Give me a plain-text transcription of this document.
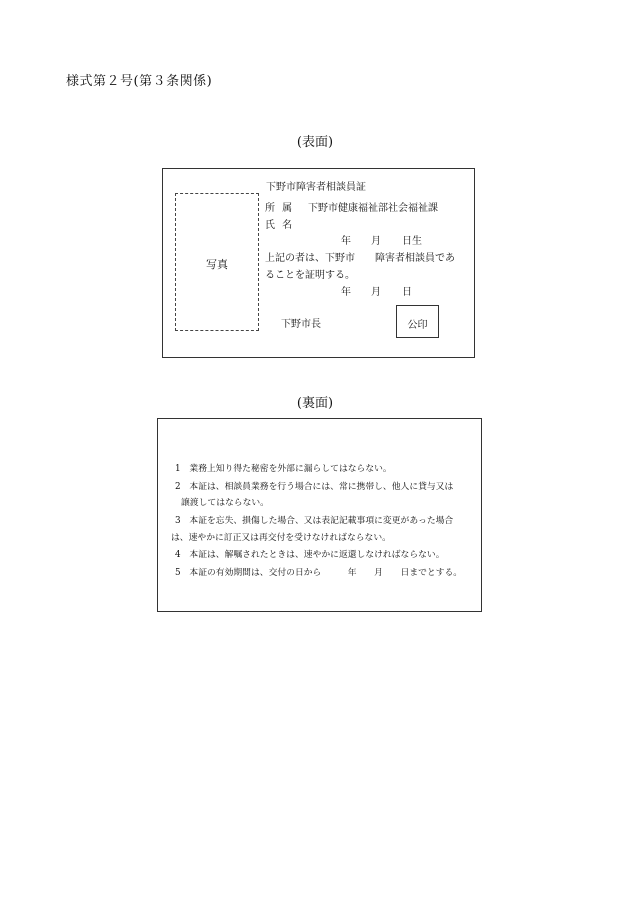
様式第２号(第３条関係)
(表面)
下野市障害者相談員証
写真
所 属 下野市健康福祉部社会福祉課
氏 名
年 月 日生
上記の者は、下野市　　障害者相談員であ
ることを証明する。
年 月 日
下野市長	公印
(裏面)
1　業務上知り得た秘密を外部に漏らしてはならない。
2　本証は、相談員業務を行う場合には、常に携帯し、他人に貸与又は
譲渡してはならない。
3　本証を忘失、損傷した場合、又は表記記載事項に変更があった場合
は、速やかに訂正又は再交付を受けなければならない。
4　本証は、解嘱されたときは、速やかに返還しなければならない。
5　本証の有効期間は、交付の日から　　　年　　月　　日までとする。
